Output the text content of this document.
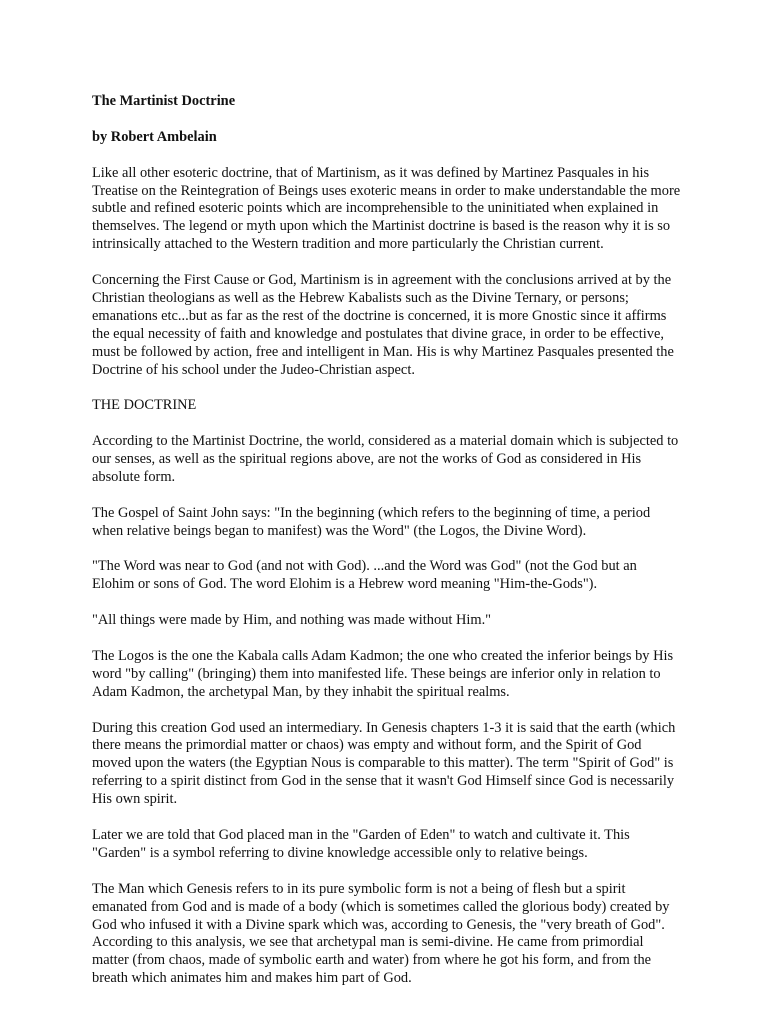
The Martinist Doctrine

by Robert Ambelain

Like all other esoteric doctrine, that of Martinism, as it was defined by Martinez Pasquales in his Treatise on the Reintegration of Beings uses exoteric means in order to make understandable the more subtle and refined esoteric points which are incomprehensible to the uninitiated when explained in themselves. The legend or myth upon which the Martinist doctrine is based is the reason why it is so intrinsically attached to the Western tradition and more particularly the Christian current.

Concerning the First Cause or God, Martinism is in agreement with the conclusions arrived at by the Christian theologians as well as the Hebrew Kabalists such as the Divine Ternary, or persons; emanations etc...but as far as the rest of the doctrine is concerned, it is more Gnostic since it affirms the equal necessity of faith and knowledge and postulates that divine grace, in order to be effective, must be followed by action, free and intelligent in Man. His is why Martinez Pasquales presented the Doctrine of his school under the Judeo-Christian aspect.

THE DOCTRINE

According to the Martinist Doctrine, the world, considered as a material domain which is subjected to our senses, as well as the spiritual regions above, are not the works of God as considered in His absolute form.

The Gospel of Saint John says: "In the beginning (which refers to the beginning of time, a period when relative beings began to manifest) was the Word" (the Logos, the Divine Word).

"The Word was near to God (and not with God). ...and the Word was God" (not the God but an Elohim or sons of God. The word Elohim is a Hebrew word meaning "Him-the-Gods").

"All things were made by Him, and nothing was made without Him."

The Logos is the one the Kabala calls Adam Kadmon; the one who created the inferior beings by His word "by calling" (bringing) them into manifested life. These beings are inferior only in relation to Adam Kadmon, the archetypal Man, by they inhabit the spiritual realms.

During this creation God used an intermediary. In Genesis chapters 1-3 it is said that the earth (which there means the primordial matter or chaos) was empty and without form, and the Spirit of God moved upon the waters (the Egyptian Nous is comparable to this matter). The term "Spirit of God" is referring to a spirit distinct from God in the sense that it wasn't God Himself since God is necessarily His own spirit.

Later we are told that God placed man in the "Garden of Eden" to watch and cultivate it. This "Garden" is a symbol referring to divine knowledge accessible only to relative beings.

The Man which Genesis refers to in its pure symbolic form is not a being of flesh but a spirit emanated from God and is made of a body (which is sometimes called the glorious body) created by God who infused it with a Divine spark which was, according to Genesis, the "very breath of God". According to this analysis, we see that archetypal man is semi-divine. He came from primordial matter (from chaos, made of symbolic earth and water) from where he got his form, and from the breath which animates him and makes him part of God.
